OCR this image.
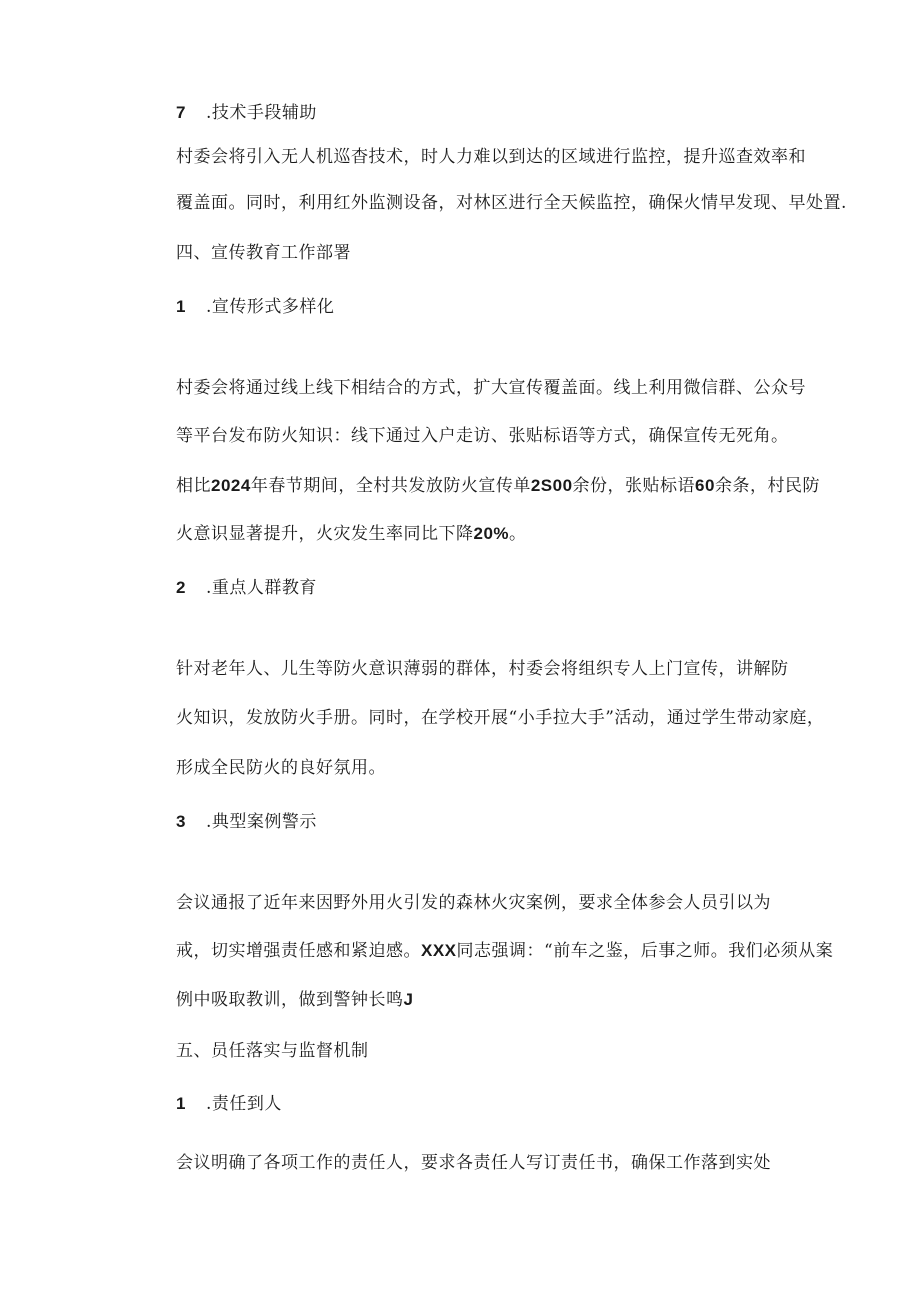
7 .技术手段辅助
村委会将引入无人机巡杳技术，时人力难以到达的区域进行监控，提升巡查效率和
覆盖面。同时，利用红外监测设备，对林区进行全天候监控，确保火情早发现、早处置.
四、宣传教育工作部署
1 .宣传形式多样化
村委会将通过线上线下相结合的方式，扩大宣传覆盖面。线上利用微信群、公众号
等平台发布防火知识：线下通过入户走访、张贴标语等方式，确保宣传无死角。
相比2024年春节期间，全村共发放防火宣传单2S00余份，张贴标语60余条，村民防
火意识显著提升，火灾发生率同比下降20%。
2 .重点人群教育
针对老年人、儿生等防火意识薄弱的群体，村委会将组织专人上门宣传，讲解防
火知识，发放防火手册。同时，在学校开展“小手拉大手”活动，通过学生带动家庭，
形成全民防火的良好氛用。
3 .典型案例警示
会议通报了近年来因野外用火引发的森林火灾案例，要求全体参会人员引以为
戒，切实增强责任感和紧迫感。XXX同志强调：“前车之鉴，后事之师。我们必须从案
例中吸取教训，做到警钟长鸣J
五、员任落实与监督机制
1 .责任到人
会议明确了各项工作的责任人，要求各责任人写订责任书，确保工作落到实处
